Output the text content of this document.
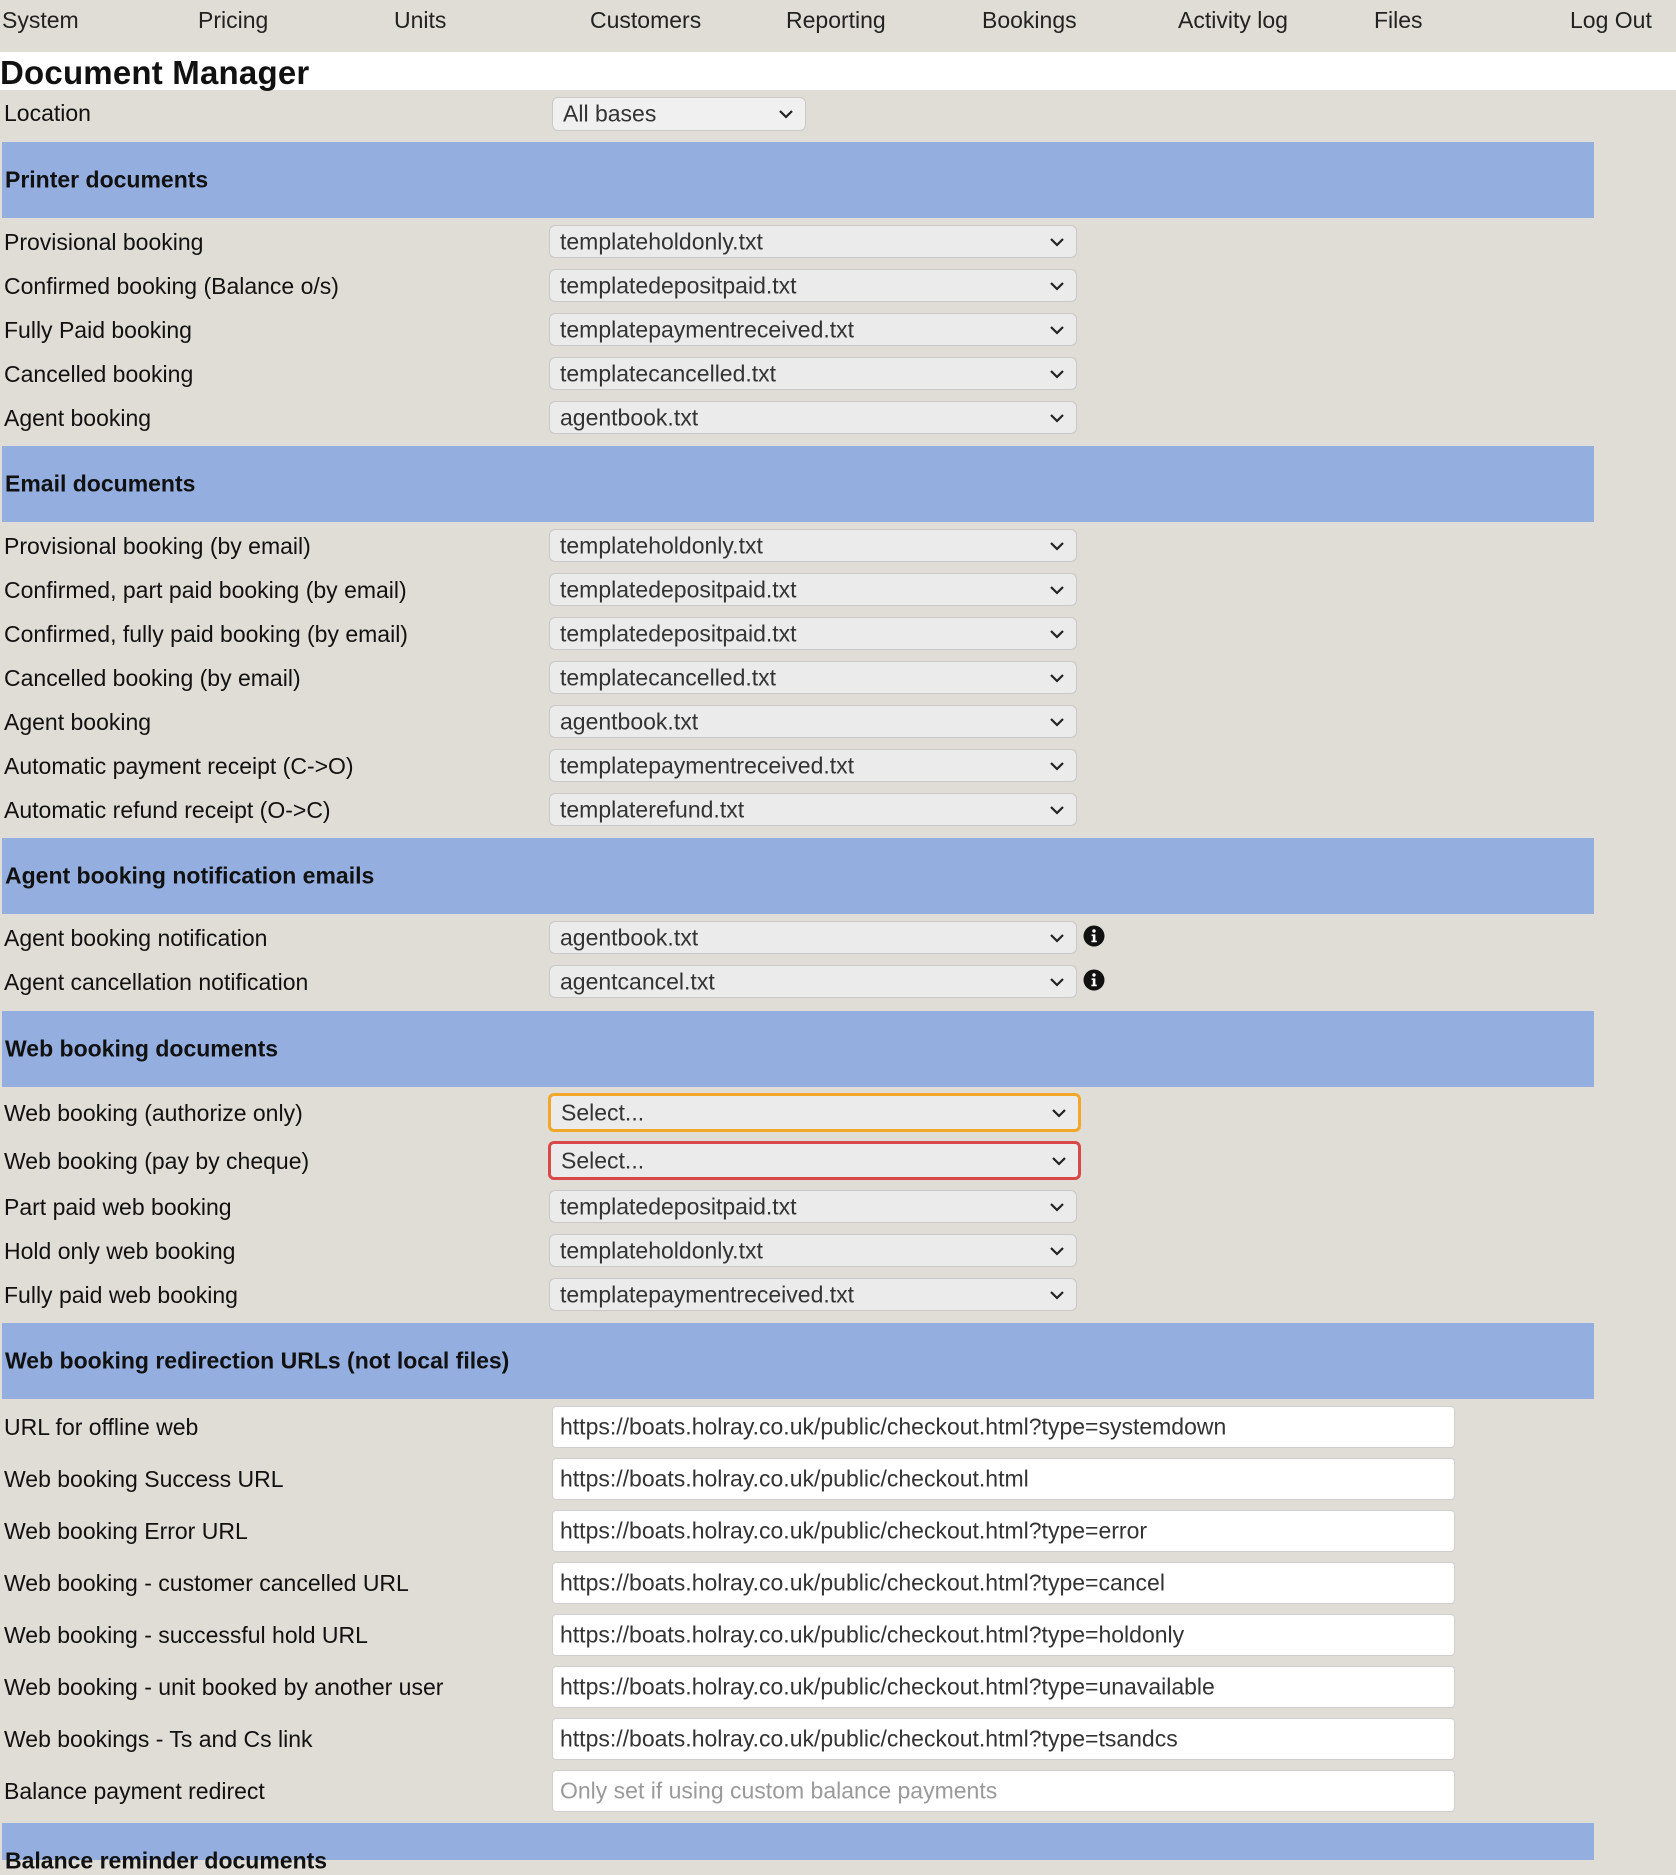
System	Pricing	Units	Customers	Reporting	Bookings	Activity log	Files	Log Out
Document Manager
Location	All bases
Printer documents
Provisional booking	templateholdonly.txt
Confirmed booking (Balance o/s)	templatedepositpaid.txt
Fully Paid booking	templatepaymentreceived.txt
Cancelled booking	templatecancelled.txt
Agent booking	agentbook.txt
Email documents
Provisional booking (by email)	templateholdonly.txt
Confirmed, part paid booking (by email)	templatedepositpaid.txt
Confirmed, fully paid booking (by email)	templatedepositpaid.txt
Cancelled booking (by email)	templatecancelled.txt
Agent booking	agentbook.txt
Automatic payment receipt (C->O)	templatepaymentreceived.txt
Automatic refund receipt (O->C)	templaterefund.txt
Agent booking notification emails
Agent booking notification	agentbook.txt
Agent cancellation notification	agentcancel.txt
Web booking documents
Web booking (authorize only)	Select...
Web booking (pay by cheque)	Select...
Part paid web booking	templatedepositpaid.txt
Hold only web booking	templateholdonly.txt
Fully paid web booking	templatepaymentreceived.txt
Web booking redirection URLs (not local files)
URL for offline web	https://boats.holray.co.uk/public/checkout.html?type=systemdown
Web booking Success URL	https://boats.holray.co.uk/public/checkout.html
Web booking Error URL	https://boats.holray.co.uk/public/checkout.html?type=error
Web booking - customer cancelled URL	https://boats.holray.co.uk/public/checkout.html?type=cancel
Web booking - successful hold URL	https://boats.holray.co.uk/public/checkout.html?type=holdonly
Web booking - unit booked by another user	https://boats.holray.co.uk/public/checkout.html?type=unavailable
Web bookings - Ts and Cs link	https://boats.holray.co.uk/public/checkout.html?type=tsandcs
Balance payment redirect	Only set if using custom balance payments
Balance reminder documents
